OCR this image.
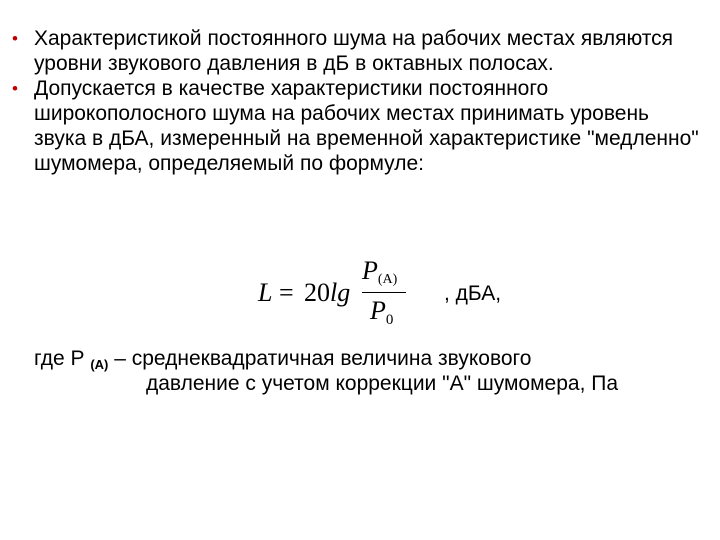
• Характеристикой постоянного шума на рабочих местах являются уровни звукового давления в дБ в октавных полосах.
• Допускается в качестве характеристики постоянного широкополосного шума на рабочих местах принимать уровень звука в дБА, измеренный на временной характеристике "медленно" шумомера, определяемый по формуле:
L = 20 lg
$P_{(A)}$
$P_0$
, дБА,
где Р $_{(А)}$ – среднеквадратичная величина звукового
давление с учетом коррекции "А" шумомера, Па
